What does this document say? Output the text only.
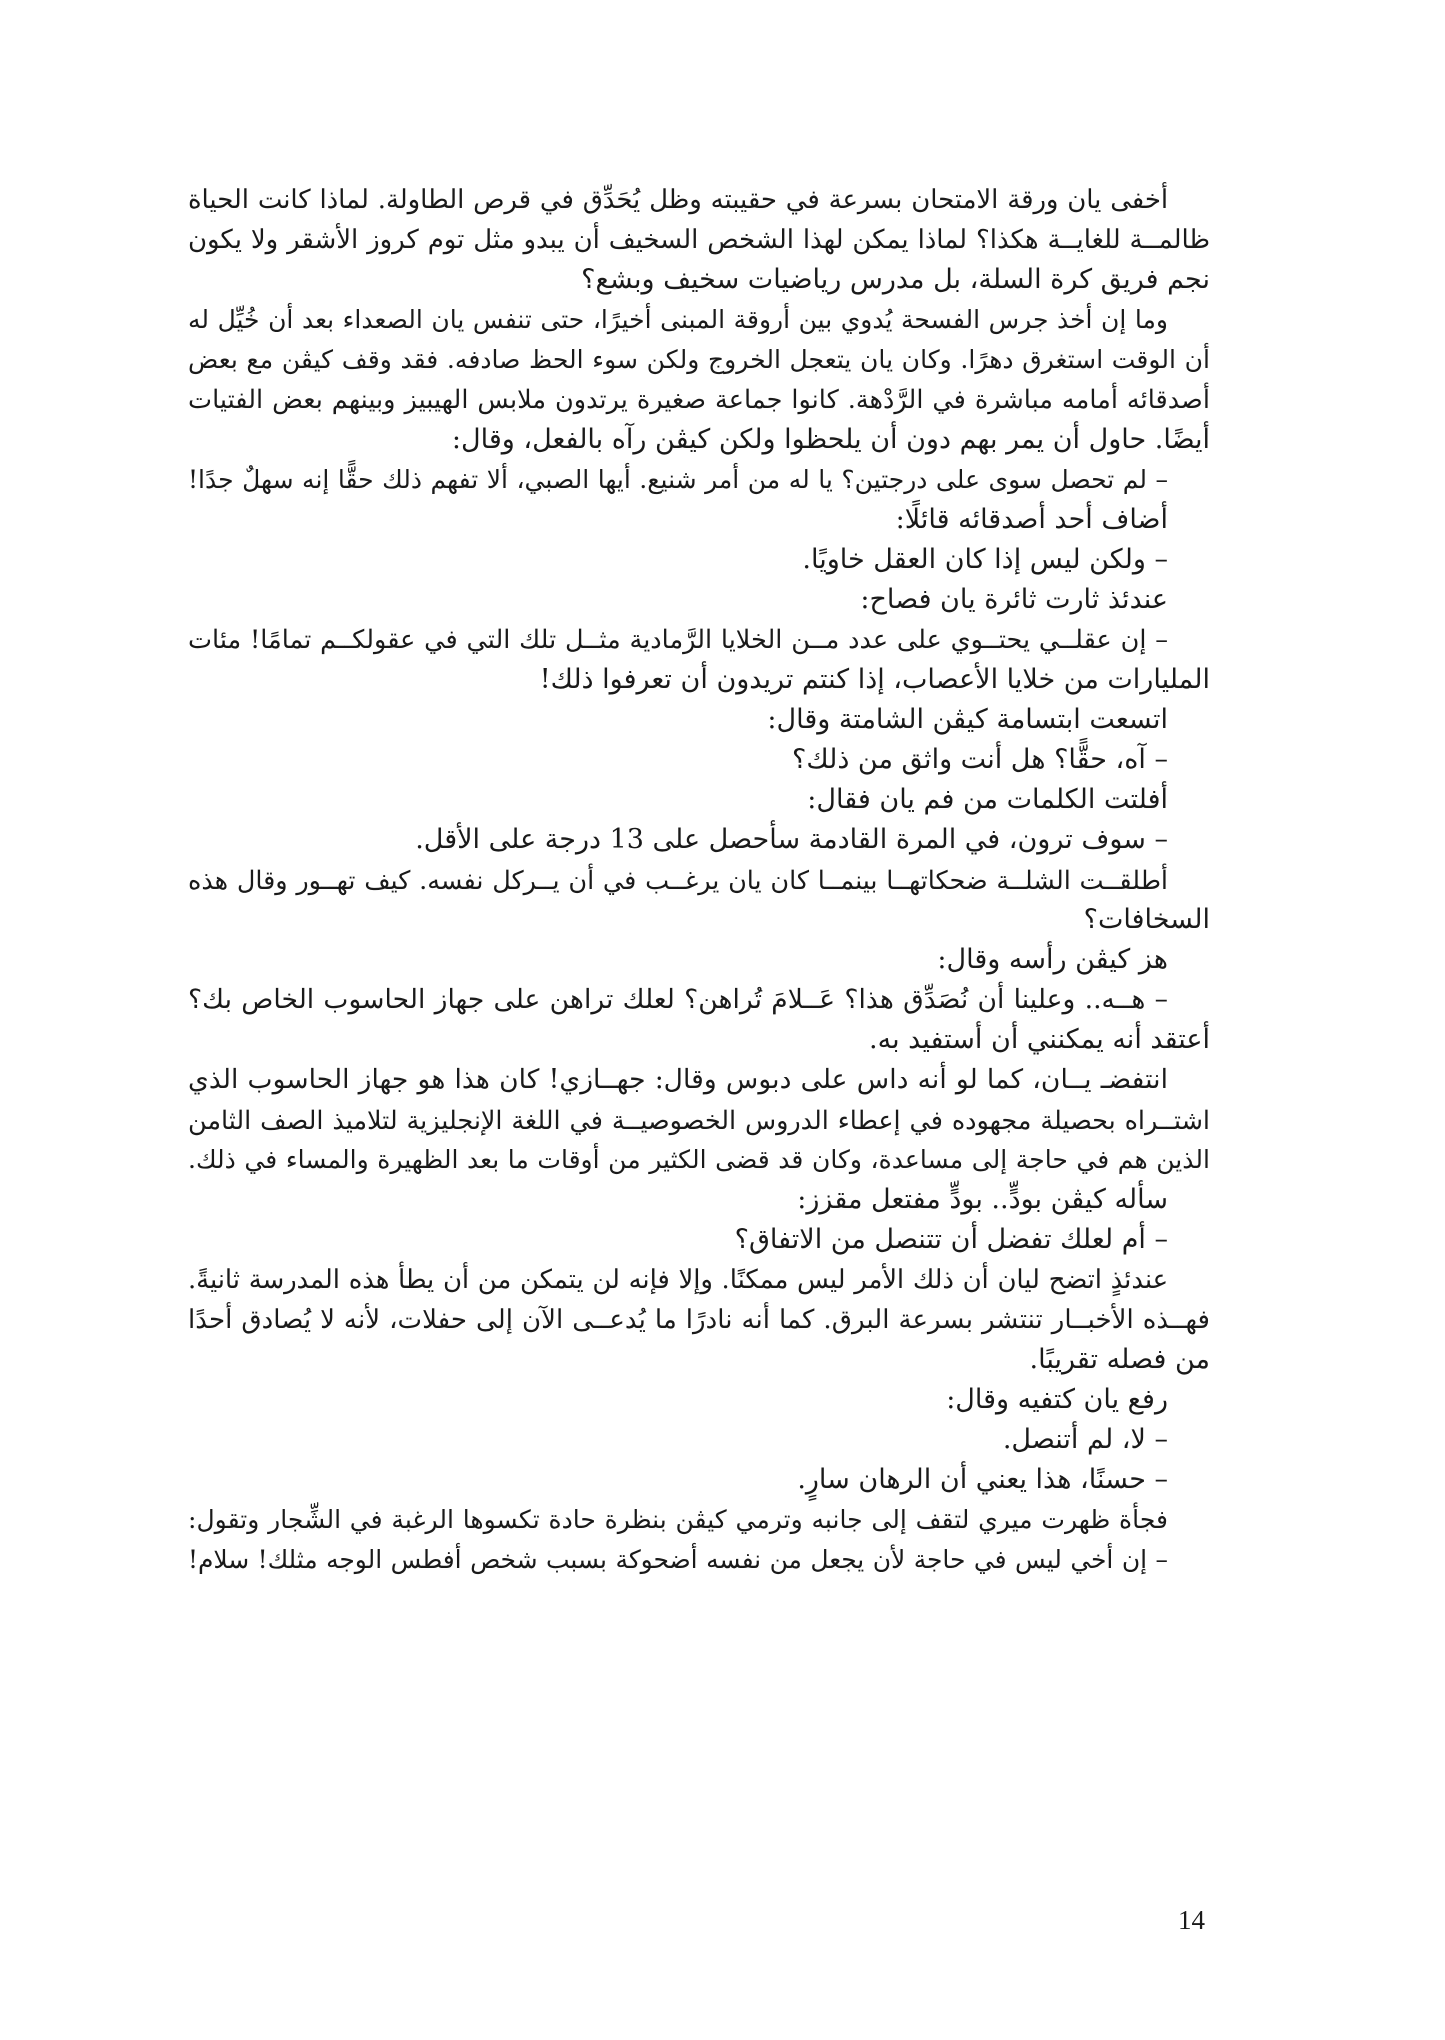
أخفى يان ورقة الامتحان بسرعة في حقيبته وظل يُحَدِّق في قرص الطاولة. لماذا كانت الحياة
ظالمــة للغايــة هكذا؟ لماذا يمكن لهذا الشخص السخيف أن يبدو مثل توم كروز الأشقر ولا يكون
نجم فريق كرة السلة، بل مدرس رياضيات سخيف وبشع؟
وما إن أخذ جرس الفسحة يُدوي بين أروقة المبنى أخيرًا، حتى تنفس يان الصعداء بعد أن خُيِّل له
أن الوقت استغرق دهرًا. وكان يان يتعجل الخروج ولكن سوء الحظ صادفه. فقد وقف كيڤن مع بعض
أصدقائه أمامه مباشرة في الرَّدْهة. كانوا جماعة صغيرة يرتدون ملابس الهيبيز وبينهم بعض الفتيات
أيضًا. حاول أن يمر بهم دون أن يلحظوا ولكن كيڤن رآه بالفعل، وقال:
– لم تحصل سوى على درجتين؟ يا له من أمر شنيع. أيها الصبي، ألا تفهم ذلك حقًّا إنه سهلٌ جدًا!
أضاف أحد أصدقائه قائلًا:
– ولكن ليس إذا كان العقل خاويًا.
عندئذ ثارت ثائرة يان فصاح:
– إن عقلــي يحتــوي على عدد مــن الخلايا الرَّمادية مثــل تلك التي في عقولكــم تمامًا! مئات
المليارات من خلايا الأعصاب، إذا كنتم تريدون أن تعرفوا ذلك!
اتسعت ابتسامة كيڤن الشامتة وقال:
– آه، حقًّا؟ هل أنت واثق من ذلك؟
أفلتت الكلمات من فم يان فقال:
– سوف ترون، في المرة القادمة سأحصل على 13 درجة على الأقل.
أطلقــت الشلــة ضحكاتهــا بينمــا كان يان يرغــب في أن يــركل نفسه. كيف تهــور وقال هذه
السخافات؟
هز كيڤن رأسه وقال:
– هــه.. وعلينا أن نُصَدِّق هذا؟ عَــلامَ تُراهن؟ لعلك تراهن على جهاز الحاسوب الخاص بك؟
أعتقد أنه يمكنني أن أستفيد به.
انتفضـ يــان، كما لو أنه داس على دبوس وقال: جهــازي! كان هذا هو جهاز الحاسوب الذي
اشتــراه بحصيلة مجهوده في إعطاء الدروس الخصوصيــة في اللغة الإنجليزية لتلاميذ الصف الثامن
الذين هم في حاجة إلى مساعدة، وكان قد قضى الكثير من أوقات ما بعد الظهيرة والمساء في ذلك.
سأله كيڤن بودٍّ.. بودٍّ مفتعل مقزز:
– أم لعلك تفضل أن تتنصل من الاتفاق؟
عندئذٍ اتضح ليان أن ذلك الأمر ليس ممكنًا. وإلا فإنه لن يتمكن من أن يطأ هذه المدرسة ثانيةً.
فهــذه الأخبــار تنتشر بسرعة البرق. كما أنه نادرًا ما يُدعــى الآن إلى حفلات، لأنه لا يُصادق أحدًا
من فصله تقريبًا.
رفع يان كتفيه وقال:
– لا، لم أتنصل.
– حسنًا، هذا يعني أن الرهان سارٍ.
فجأة ظهرت ميري لتقف إلى جانبه وترمي كيڤن بنظرة حادة تكسوها الرغبة في الشِّجار وتقول:
– إن أخي ليس في حاجة لأن يجعل من نفسه أضحوكة بسبب شخص أفطس الوجه مثلك! سلام!
14
